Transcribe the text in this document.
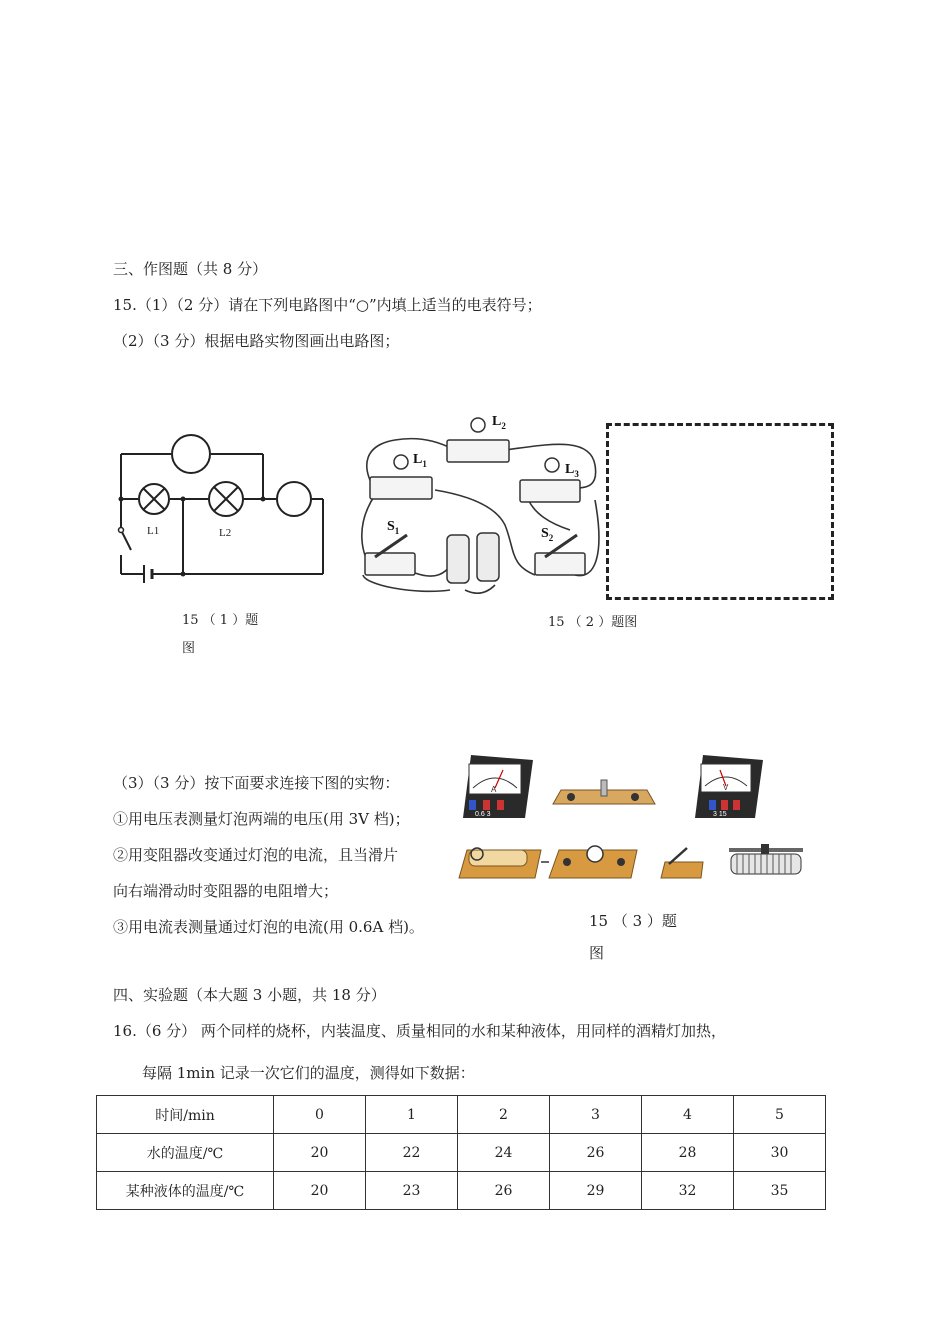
三、作图题（共 8 分）
15.（1）（2 分）请在下列电路图中“○”内填上适当的电表符号；
（2）（3 分）根据电路实物图画出电路图；
L1	L2
15 （ 1 ）题
图
$L_2$
$L_1$	$L_3$
$S_1$	$S_2$
15 （ 2 ）题图
（3）（3 分）按下面要求连接下图的实物：
①用电压表测量灯泡两端的电压(用 3V 档)；
②用变阻器改变通过灯泡的电流，且当滑片
向右端滑动时变阻器的电阻增大；
③用电流表测量通过灯泡的电流(用 0.6A 档)。
A
0.6 3
V
3 15
15 （ 3 ）题
图
四、实验题（本大题 3 小题，共 18 分）
16.（6 分） 两个同样的烧杯，内装温度、质量相同的水和某种液体，用同样的酒精灯加热，
每隔 1min 记录一次它们的温度，测得如下数据：
时间/min	0	1	2	3	4	5
水的温度/℃	20	22	24	26	28	30
某种液体的温度/℃	20	23	26	29	32	35
